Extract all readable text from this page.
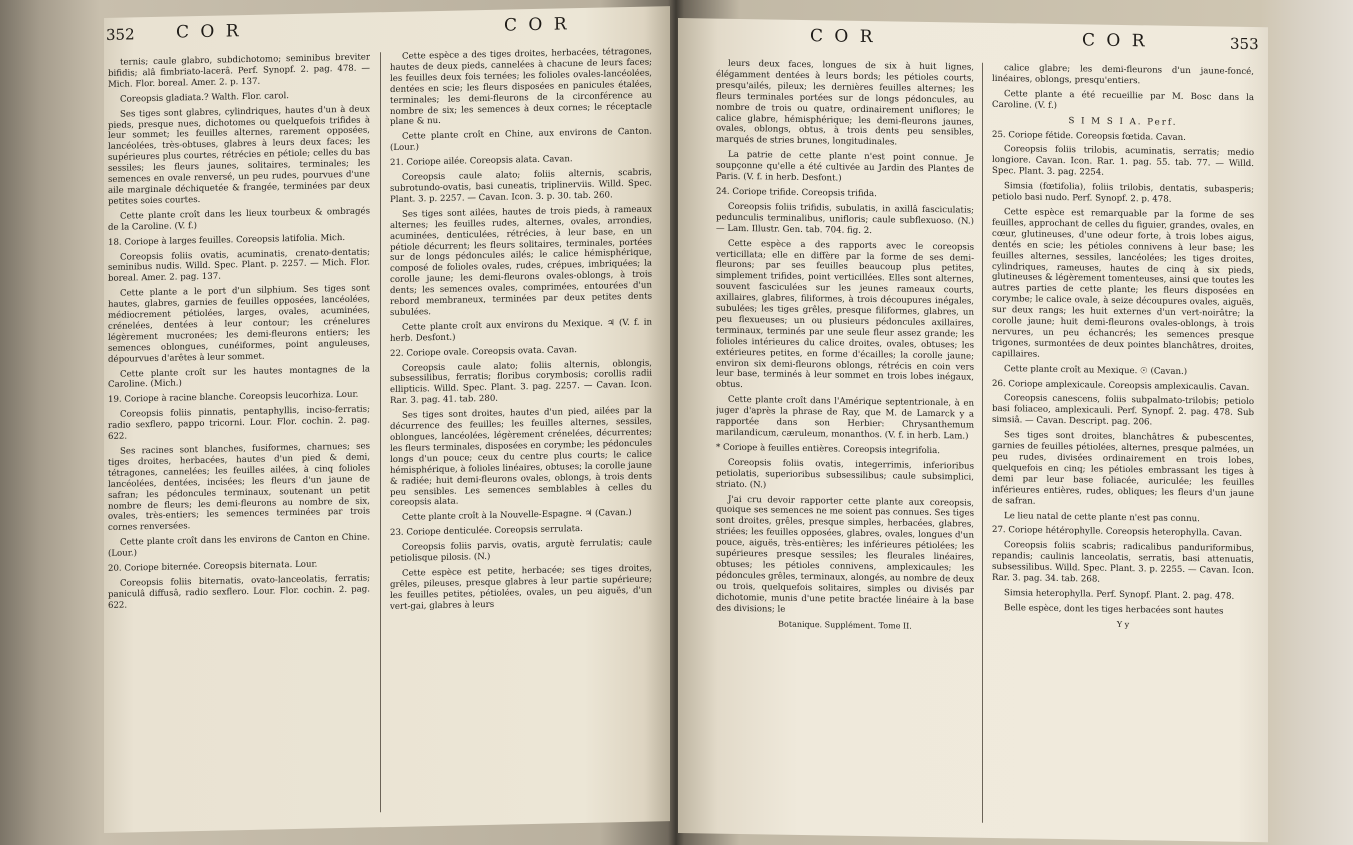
352 C O R	C O R

ternis; caule glabro, subdichotomo; seminibus breviter bifidis; alâ fimbriato-lacerâ. Perf. Synopf. 2. pag. 478. — Mich. Flor. boreal. Amer. 2. p. 137.

Coreopsis gladiata.? Walth. Flor. carol.

Ses tiges sont glabres, cylindriques, hautes d'un à deux pieds, presque nues, dichotomes ou quelquefois trifides à leur sommet; les feuilles alternes, rarement opposées, lancéolées, très-obtuses, glabres à leurs deux faces; les supérieures plus courtes, rétrécies en pétiole; celles du bas sessiles; les fleurs jaunes, solitaires, terminales; les semences en ovale renversé, un peu rudes, pourvues d'une aile marginale déchiquetée & frangée, terminées par deux petites soies courtes.

Cette plante croît dans les lieux tourbeux & ombragés de la Caroline. (V. f.)

18. Coriope à larges feuilles. Coreopsis latifolia. Mich.

Coreopsis foliis ovatis, acuminatis, crenato-dentatis; seminibus nudis. Willd. Spec. Plant. p. 2257. — Mich. Flor. boreal. Amer. 2. pag. 137.

Cette plante a le port d'un silphium. Ses tiges sont hautes, glabres, garnies de feuilles opposées, lancéolées, médiocrement pétiolées, larges, ovales, acuminées, crénelées, dentées à leur contour; les crénelures légèrement mucronées; les demi-fleurons entiers; les semences oblongues, cunéiformes, point anguleuses, dépourvues d'arêtes à leur sommet.

Cette plante croît sur les hautes montagnes de la Caroline. (Mich.)

19. Coriope à racine blanche. Coreopsis leucorhiza. Lour.

Coreopsis foliis pinnatis, pentaphyllis, inciso-ferratis; radio sexflero, pappo tricorni. Lour. Flor. cochin. 2. pag. 622.

Ses racines sont blanches, fusiformes, charnues; ses tiges droites, herbacées, hautes d'un pied & demi, tétragones, cannelées; les feuilles ailées, à cinq folioles lancéolées, dentées, incisées; les fleurs d'un jaune de safran; les pédoncules terminaux, soutenant un petit nombre de fleurs; les demi-fleurons au nombre de six, ovales, très-entiers; les semences terminées par trois cornes renversées.

Cette plante croît dans les environs de Canton en Chine. (Lour.)

20. Coriope biternée. Coreopsis biternata. Lour.

Coreopsis foliis biternatis, ovato-lanceolatis, ferratis; paniculâ diffusâ, radio sexflero. Lour. Flor. cochin. 2. pag. 622.

Cette espèce a des tiges droites, herbacées, tétragones, hautes de deux pieds, cannelées à chacune de leurs faces; les feuilles deux fois ternées; les folioles ovales-lancéolées, dentées en scie; les fleurs disposées en panicules étalées, terminales; les demi-fleurons de la circonférence au nombre de six; les semences à deux cornes; le réceptacle plane & nu.

Cette plante croît en Chine, aux environs de Canton. (Lour.)

21. Coriope ailée. Coreopsis alata. Cavan.

Coreopsis caule alato; foliis alternis, scabris, subrotundo-ovatis, basi cuneatis, triplinerviis. Willd. Spec. Plant. 3. p. 2257. — Cavan. Icon. 3. p. 30. tab. 260.

Ses tiges sont ailées, hautes de trois pieds, à rameaux alternes; les feuilles rudes, alternes, ovales, arrondies, acuminées, denticulées, rétrécies, à leur base, en un pétiole décurrent; les fleurs solitaires, terminales, portées sur de longs pédoncules ailés; le calice hémisphérique, composé de folioles ovales, rudes, crépues, imbriquées; la corolle jaune; les demi-fleurons ovales-oblongs, à trois dents; les semences ovales, comprimées, entourées d'un rebord membraneux, terminées par deux petites dents subulées.

Cette plante croît aux environs du Mexique. ♃ (V. f. in herb. Desfont.)

22. Coriope ovale. Coreopsis ovata. Cavan.

Coreopsis caule alato; foliis alternis, oblongis, subsessilibus, ferratis; floribus corymbosis; corollis radii ellipticis. Willd. Spec. Plant. 3. pag. 2257. — Cavan. Icon. Rar. 3. pag. 41. tab. 280.

Ses tiges sont droites, hautes d'un pied, ailées par la décurrence des feuilles; les feuilles alternes, sessiles, oblongues, lancéolées, légèrement crénelées, décurrentes; les fleurs terminales, disposées en corymbe; les pédoncules longs d'un pouce; ceux du centre plus courts; le calice hémisphérique, à folioles linéaires, obtuses; la corolle jaune & radiée; huit demi-fleurons ovales, oblongs, à trois dents peu sensibles. Les semences semblables à celles du coreopsis alata.

Cette plante croît à la Nouvelle-Espagne. ♃ (Cavan.)

23. Coriope denticulée. Coreopsis serrulata.

Coreopsis foliis parvis, ovatis, argutè ferrulatis; caule petiolisque pilosis. (N.)

Cette espèce est petite, herbacée; ses tiges droites, grêles, pileuses, presque glabres à leur partie supérieure; les feuilles petites, pétiolées, ovales, un peu aiguës, d'un vert-gai, glabres à leurs

C O R	C O R	353

leurs deux faces, longues de six à huit lignes, élégamment dentées à leurs bords; les pétioles courts, presqu'ailés, pileux; les dernières feuilles alternes; les fleurs terminales portées sur de longs pédoncules, au nombre de trois ou quatre, ordinairement uniflores; le calice glabre, hémisphérique; les demi-fleurons jaunes, ovales, oblongs, obtus, à trois dents peu sensibles, marqués de stries brunes, longitudinales.

La patrie de cette plante n'est point connue. Je soupçonne qu'elle a été cultivée au Jardin des Plantes de Paris. (V. f. in herb. Desfont.)

24. Coriope trifide. Coreopsis trifida.

Coreopsis foliis trifidis, subulatis, in axillâ fasciculatis; pedunculis terminalibus, unifloris; caule subflexuoso. (N.) — Lam. Illustr. Gen. tab. 704. fig. 2.

Cette espèce a des rapports avec le coreopsis verticillata; elle en diffère par la forme de ses demi-fleurons; par ses feuilles beaucoup plus petites, simplement trifides, point verticillées. Elles sont alternes, souvent fasciculées sur les jeunes rameaux courts, axillaires, glabres, filiformes, à trois découpures inégales, subulées; les tiges grêles, presque filiformes, glabres, un peu flexueuses; un ou plusieurs pédoncules axillaires, terminaux, terminés par une seule fleur assez grande; les folioles intérieures du calice droites, ovales, obtuses; les extérieures petites, en forme d'écailles; la corolle jaune; environ six demi-fleurons oblongs, rétrécis en coin vers leur base, terminés à leur sommet en trois lobes inégaux, obtus.

Cette plante croît dans l'Amérique septentrionale, à en juger d'après la phrase de Ray, que M. de Lamarck y a rapportée dans son Herbier: Chrysanthemum marilandicum, cæruleum, monanthos. (V. f. in herb. Lam.)

* Coriope à feuilles entières. Coreopsis integrifolia.

Coreopsis foliis ovatis, integerrimis, inferioribus petiolatis, superioribus subsessilibus; caule subsimplici, striato. (N.)

J'ai cru devoir rapporter cette plante aux coreopsis, quoique ses semences ne me soient pas connues. Ses tiges sont droites, grêles, presque simples, herbacées, glabres, striées; les feuilles opposées, glabres, ovales, longues d'un pouce, aiguës, très-entières; les inférieures pétiolées; les supérieures presque sessiles; les fleurales linéaires, obtuses; les pétioles connivens, amplexicaules; les pédoncules grêles, terminaux, alongés, au nombre de deux ou trois, quelquefois solitaires, simples ou divisés par dichotomie, munis d'une petite bractée linéaire à la base des divisions; le

Botanique. Supplément. Tome II.

calice glabre; les demi-fleurons d'un jaune-foncé, linéaires, oblongs, presqu'entiers.

Cette plante a été recueillie par M. Bosc dans la Caroline. (V. f.)

S I M S I A. Perf.

25. Coriope fétide. Coreopsis fœtida. Cavan.

Coreopsis foliis trilobis, acuminatis, serratis; medio longiore. Cavan. Icon. Rar. 1. pag. 55. tab. 77. — Willd. Spec. Plant. 3. pag. 2254.

Simsia (fœtifolia), foliis trilobis, dentatis, subasperis; petiolo basi nudo. Perf. Synopf. 2. p. 478.

Cette espèce est remarquable par la forme de ses feuilles, approchant de celles du figuier, grandes, ovales, en cœur, glutineuses, d'une odeur forte, à trois lobes aigus, dentés en scie; les pétioles connivens à leur base; les feuilles alternes, sessiles, lancéolées; les tiges droites, cylindriques, rameuses, hautes de cinq à six pieds, glutineuses & légèrement tomenteuses, ainsi que toutes les autres parties de cette plante; les fleurs disposées en corymbe; le calice ovale, à seize découpures ovales, aiguës, sur deux rangs; les huit externes d'un vert-noirâtre; la corolle jaune; huit demi-fleurons ovales-oblongs, à trois nervures, un peu échancrés; les semences presque trigones, surmontées de deux pointes blanchâtres, droites, capillaires.

Cette plante croît au Mexique. ☉ (Cavan.)

26. Coriope amplexicaule. Coreopsis amplexicaulis. Cavan.

Coreopsis canescens, foliis subpalmato-trilobis; petiolo basi foliaceo, amplexicauli. Perf. Synopf. 2. pag. 478. Sub simsiâ. — Cavan. Descript. pag. 206.

Ses tiges sont droites, blanchâtres & pubescentes, garnies de feuilles pétiolées, alternes, presque palmées, un peu rudes, divisées ordinairement en trois lobes, quelquefois en cinq; les pétioles embrassant les tiges à demi par leur base foliacée, auriculée; les feuilles inférieures entières, rudes, obliques; les fleurs d'un jaune de safran.

Le lieu natal de cette plante n'est pas connu.

27. Coriope hétérophylle. Coreopsis heterophylla. Cavan.

Coreopsis foliis scabris; radicalibus panduriformibus, repandis; caulinis lanceolatis, serratis, basi attenuatis, subsessilibus. Willd. Spec. Plant. 3. p. 2255. — Cavan. Icon. Rar. 3. pag. 34. tab. 268.

Simsia heterophylla. Perf. Synopf. Plant. 2. pag. 478.

Belle espèce, dont les tiges herbacées sont hautes

Y y
